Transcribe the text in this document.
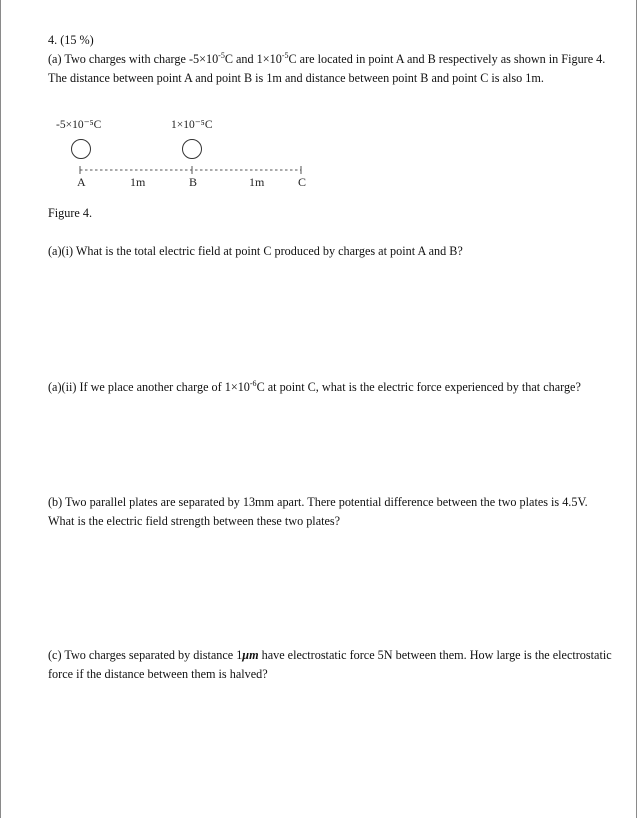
4. (15 %)
(a) Two charges with charge $-5\times 10^{-5}C$ and $1\times 10^{-5}C$ are located in point A and B respectively as shown in Figure 4.
The distance between point A and point B is 1m and distance between point B and point C is also 1m.
-5×10⁻⁵C	1×10⁻⁵C
A	1m	B	1m	C
Figure 4.
(a)(i) What is the total electric field at point C produced by charges at point A and B?
(a)(ii) If we place another charge of $1\times 10^{-6}C$ at point C, what is the electric force experienced by that charge?
(b) Two parallel plates are separated by 13mm apart. There potential difference between the two plates is 4.5V.
What is the electric field strength between these two plates?
(c) Two charges separated by distance 1μm have electrostatic force 5N between them. How large is the electrostatic
force if the distance between them is halved?
